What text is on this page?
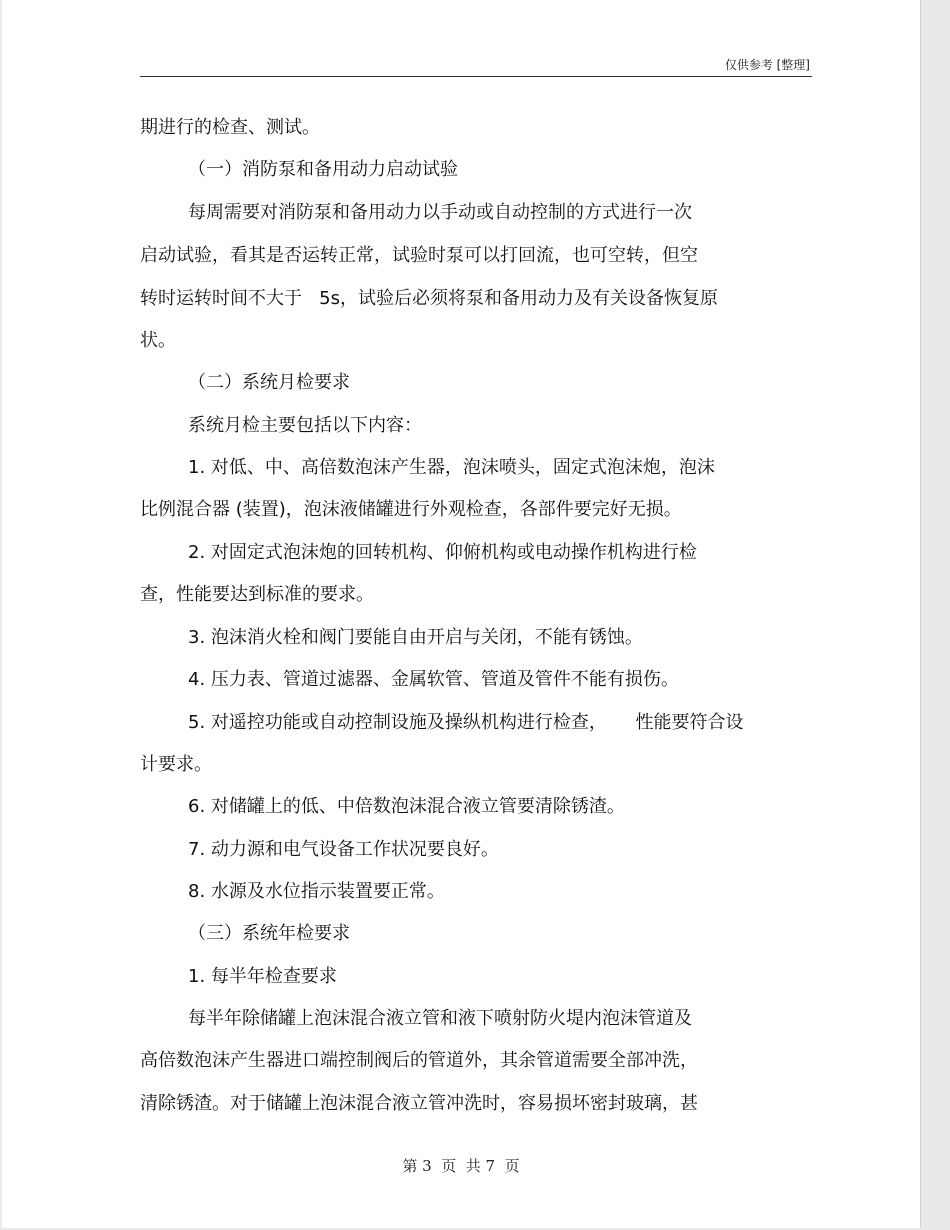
仅供参考 [整理]
期进行的检查、测试。
（一）消防泵和备用动力启动试验
每周需要对消防泵和备用动力以手动或自动控制的方式进行一次
启动试验，看其是否运转正常，试验时泵可以打回流，也可空转，但空
转时运转时间不大于   5s，试验后必须将泵和备用动力及有关设备恢复原
状。
（二）系统月检要求
系统月检主要包括以下内容：
1. 对低、中、高倍数泡沫产生器，泡沫喷头，固定式泡沫炮，泡沫
比例混合器 (装置)，泡沫液储罐进行外观检查，各部件要完好无损。
2. 对固定式泡沫炮的回转机构、仰俯机构或电动操作机构进行检
查，性能要达到标准的要求。
3. 泡沫消火栓和阀门要能自由开启与关闭，不能有锈蚀。
4. 压力表、管道过滤器、金属软管、管道及管件不能有损伤。
5. 对遥控功能或自动控制设施及操纵机构进行检查，     性能要符合设
计要求。
6. 对储罐上的低、中倍数泡沫混合液立管要清除锈渣。
7. 动力源和电气设备工作状况要良好。
8. 水源及水位指示装置要正常。
（三）系统年检要求
1. 每半年检查要求
每半年除储罐上泡沫混合液立管和液下喷射防火堤内泡沫管道及
高倍数泡沫产生器进口端控制阀后的管道外，其余管道需要全部冲洗，
清除锈渣。对于储罐上泡沫混合液立管冲洗时，容易损坏密封玻璃，甚
第 3  页  共 7  页
